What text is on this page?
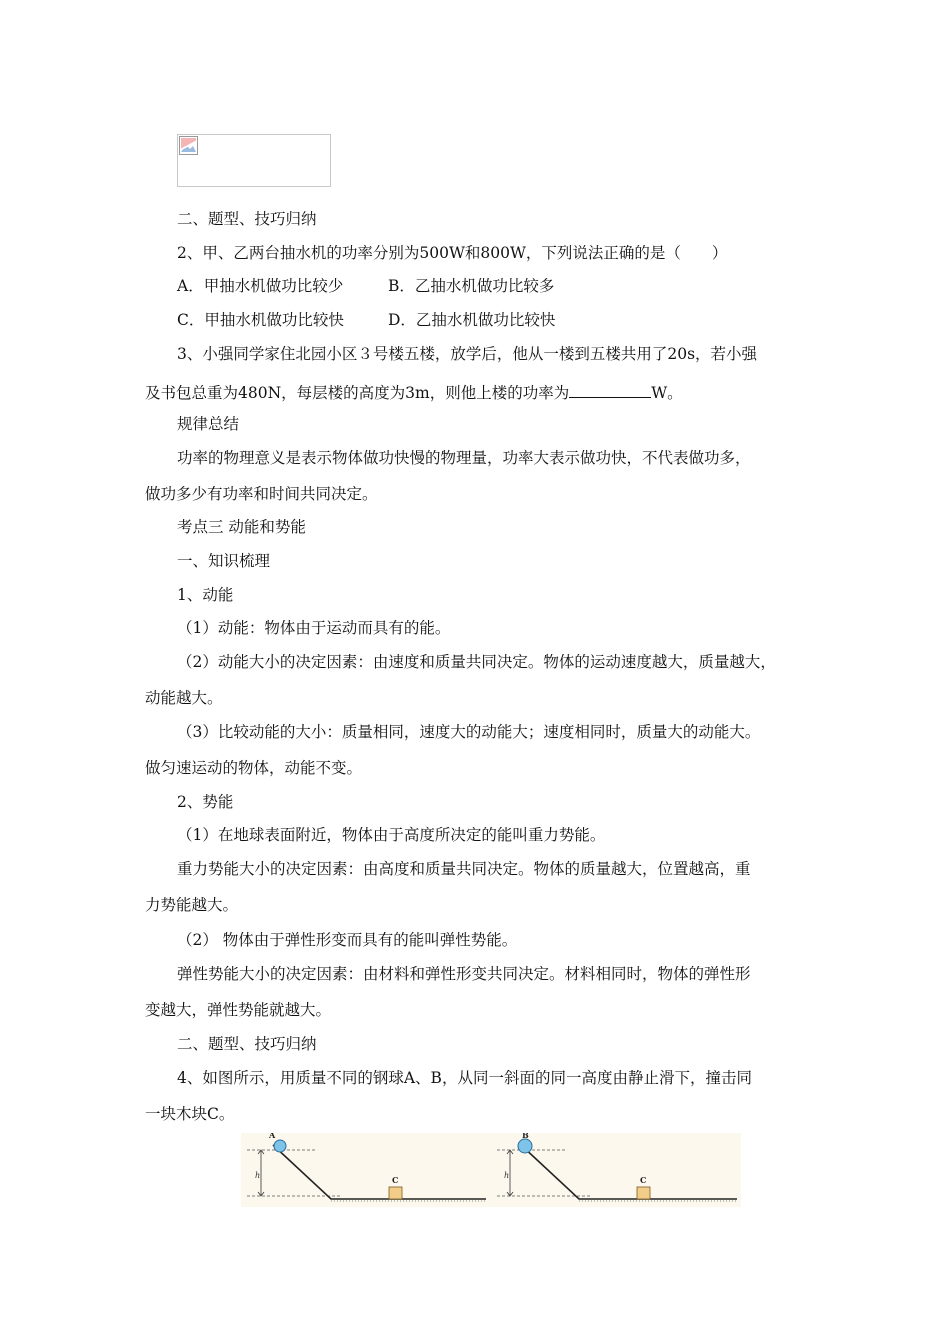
二、题型、技巧归纳
2、甲、乙两台抽水机的功率分别为500W和800W，下列说法正确的是（　　）
A．甲抽水机做功比较少	B．乙抽水机做功比较多
C．甲抽水机做功比较快	D．乙抽水机做功比较快
3、小强同学家住北园小区３号楼五楼，放学后，他从一楼到五楼共用了20s，若小强
及书包总重为480N，每层楼的高度为3m，则他上楼的功率为	W。
规律总结
功率的物理意义是表示物体做功快慢的物理量，功率大表示做功快，不代表做功多，
做功多少有功率和时间共同决定。
考点三 动能和势能
一、知识梳理
1、动能
（1）动能：物体由于运动而具有的能。
（2）动能大小的决定因素：由速度和质量共同决定。物体的运动速度越大，质量越大，
动能越大。
（3）比较动能的大小：质量相同，速度大的动能大；速度相同时，质量大的动能大。
做匀速运动的物体，动能不变。
2、势能
（1）在地球表面附近，物体由于高度所决定的能叫重力势能。
重力势能大小的决定因素：由高度和质量共同决定。物体的质量越大，位置越高，重
力势能越大。
（2） 物体由于弹性形变而具有的能叫弹性势能。
弹性势能大小的决定因素：由材料和弹性形变共同决定。材料相同时，物体的弹性形
变越大，弹性势能就越大。
二、题型、技巧归纳
4、如图所示，用质量不同的钢球A、B，从同一斜面的同一高度由静止滑下，撞击同
一块木块C。
h
A
C	h
B
C
